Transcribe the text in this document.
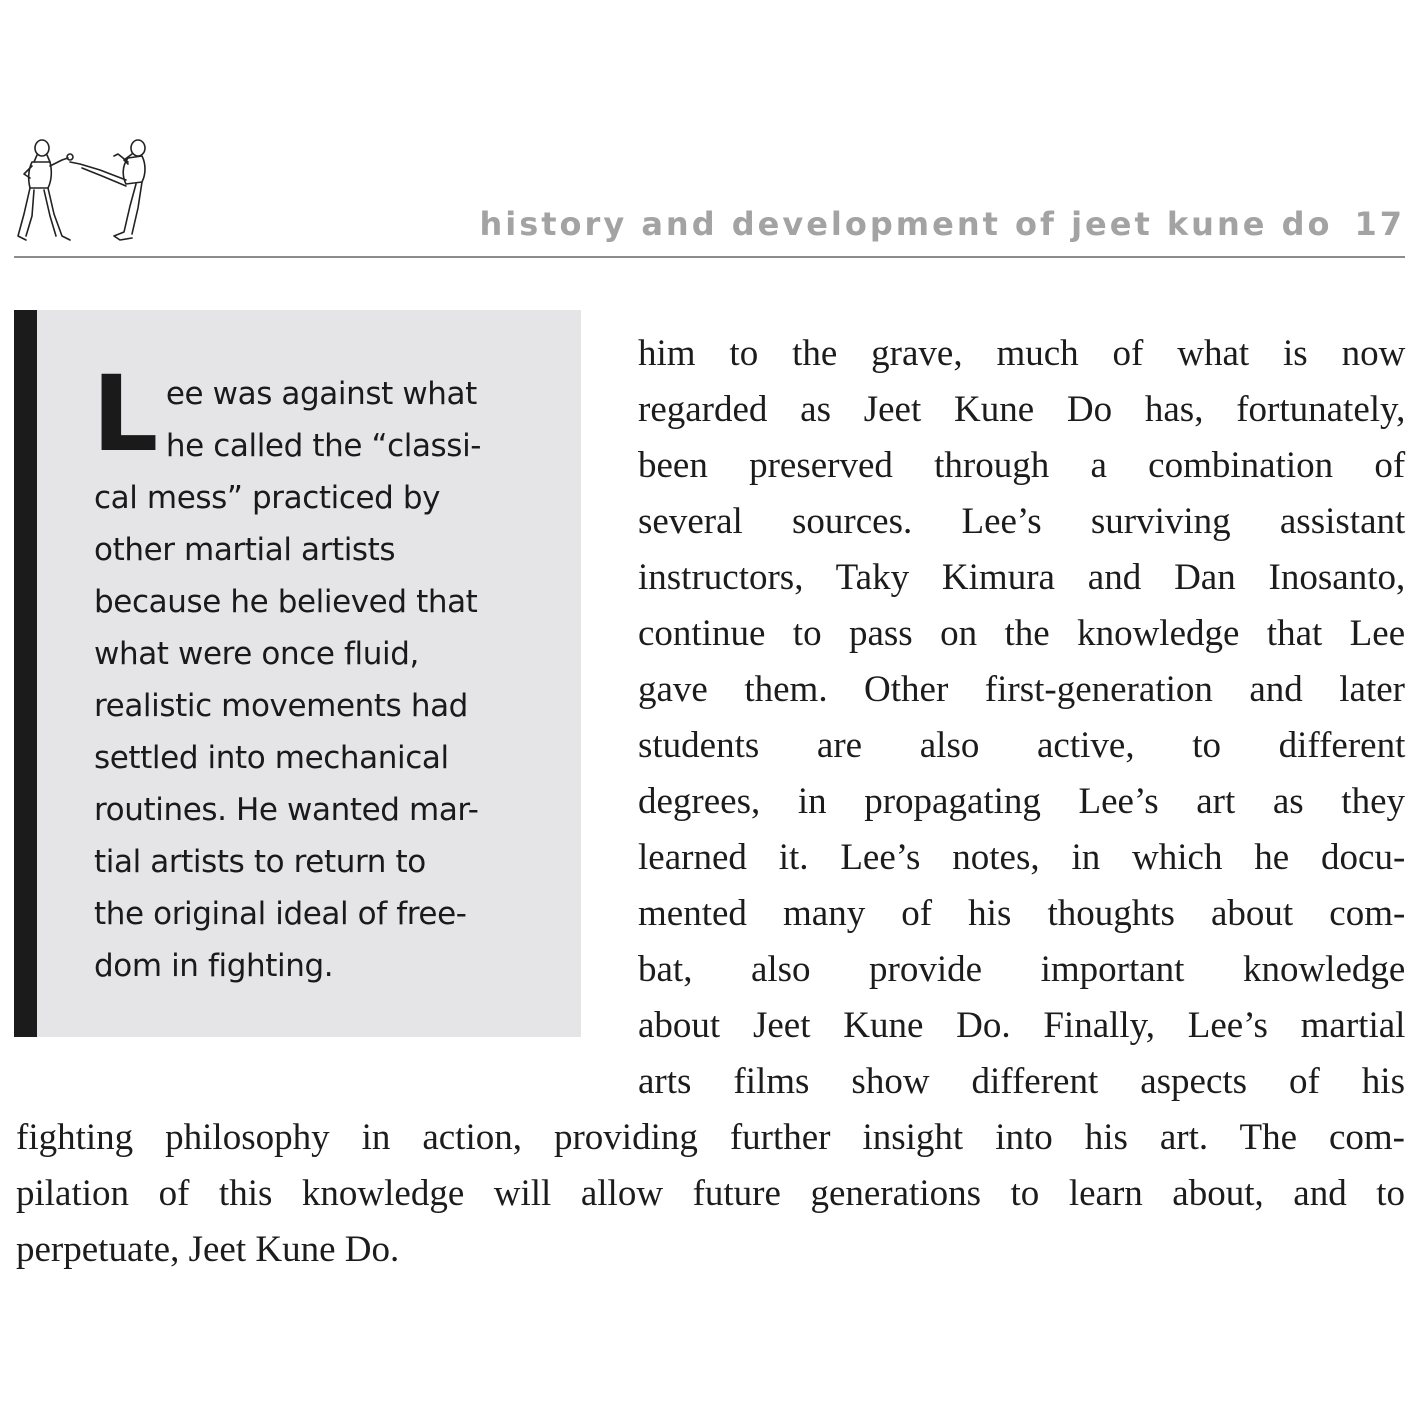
history and development of jeet kune do 17
L ee was against what
he called the “classi-
cal mess” practiced by
other martial artists
because he believed that
what were once fluid,
realistic movements had
settled into mechanical
routines. He wanted mar-
tial artists to return to
the original ideal of free-
dom in fighting.
him to the grave, much of what is now
regarded as Jeet Kune Do has, fortunately,
been preserved through a combination of
several sources. Lee’s surviving assistant
instructors, Taky Kimura and Dan Inosanto,
continue to pass on the knowledge that Lee
gave them. Other first-generation and later
students are also active, to different
degrees, in propagating Lee’s art as they
learned it. Lee’s notes, in which he docu-
mented many of his thoughts about com-
bat, also provide important knowledge
about Jeet Kune Do. Finally, Lee’s martial
arts films show different aspects of his
fighting philosophy in action, providing further insight into his art. The com-
pilation of this knowledge will allow future generations to learn about, and to
perpetuate, Jeet Kune Do.
